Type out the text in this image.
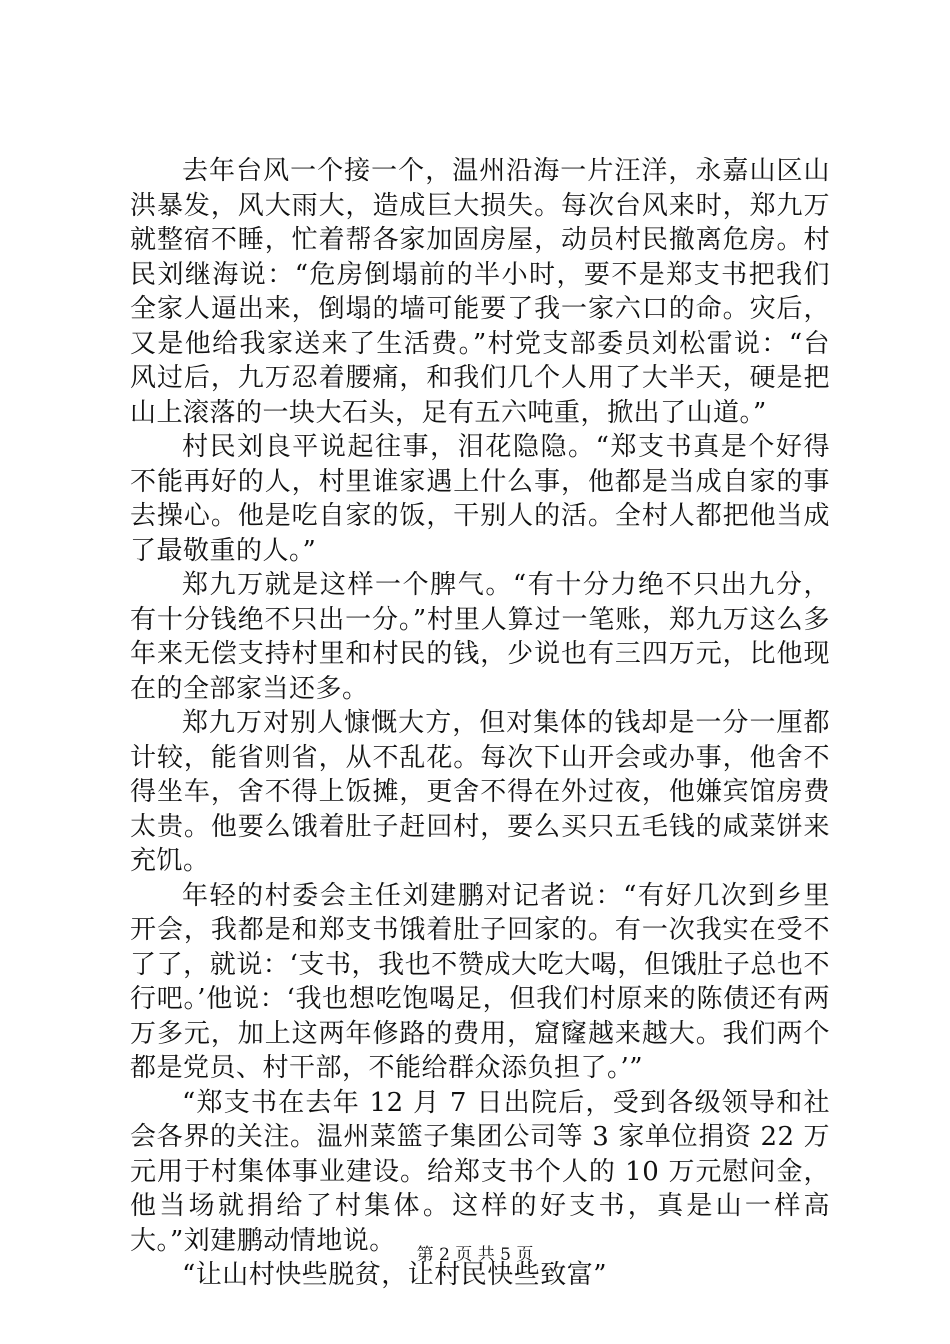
去年台风一个接一个，温州沿海一片汪洋，永嘉山区山洪暴发，风大雨大，造成巨大损失。每次台风来时，郑九万就整宿不睡，忙着帮各家加固房屋，动员村民撤离危房。村民刘继海说：“危房倒塌前的半小时，要不是郑支书把我们全家人逼出来，倒塌的墙可能要了我一家六口的命。灾后，又是他给我家送来了生活费。”村党支部委员刘松雷说：“台风过后，九万忍着腰痛，和我们几个人用了大半天，硬是把山上滚落的一块大石头，足有五六吨重，掀出了山道。”

村民刘良平说起往事，泪花隐隐。“郑支书真是个好得不能再好的人，村里谁家遇上什么事，他都是当成自家的事去操心。他是吃自家的饭，干别人的活。全村人都把他当成了最敬重的人。”

郑九万就是这样一个脾气。“有十分力绝不只出九分，有十分钱绝不只出一分。”村里人算过一笔账，郑九万这么多年来无偿支持村里和村民的钱，少说也有三四万元，比他现在的全部家当还多。

郑九万对别人慷慨大方，但对集体的钱却是一分一厘都计较，能省则省，从不乱花。每次下山开会或办事，他舍不得坐车，舍不得上饭摊，更舍不得在外过夜，他嫌宾馆房费太贵。他要么饿着肚子赶回村，要么买只五毛钱的咸菜饼来充饥。

年轻的村委会主任刘建鹏对记者说：“有好几次到乡里开会，我都是和郑支书饿着肚子回家的。有一次我实在受不了了，就说：‘支书，我也不赞成大吃大喝，但饿肚子总也不行吧。’他说：‘我也想吃饱喝足，但我们村原来的陈债还有两万多元，加上这两年修路的费用，窟窿越来越大。我们两个都是党员、村干部，不能给群众添负担了。’”

“郑支书在去年 12 月 7 日出院后，受到各级领导和社会各界的关注。温州菜篮子集团公司等 3 家单位捐资 22 万元用于村集体事业建设。给郑支书个人的 10 万元慰问金，他当场就捐给了村集体。这样的好支书，真是山一样高大。”刘建鹏动情地说。

“让山村快些脱贫，让村民快些致富”

第 2 页 共 5 页
